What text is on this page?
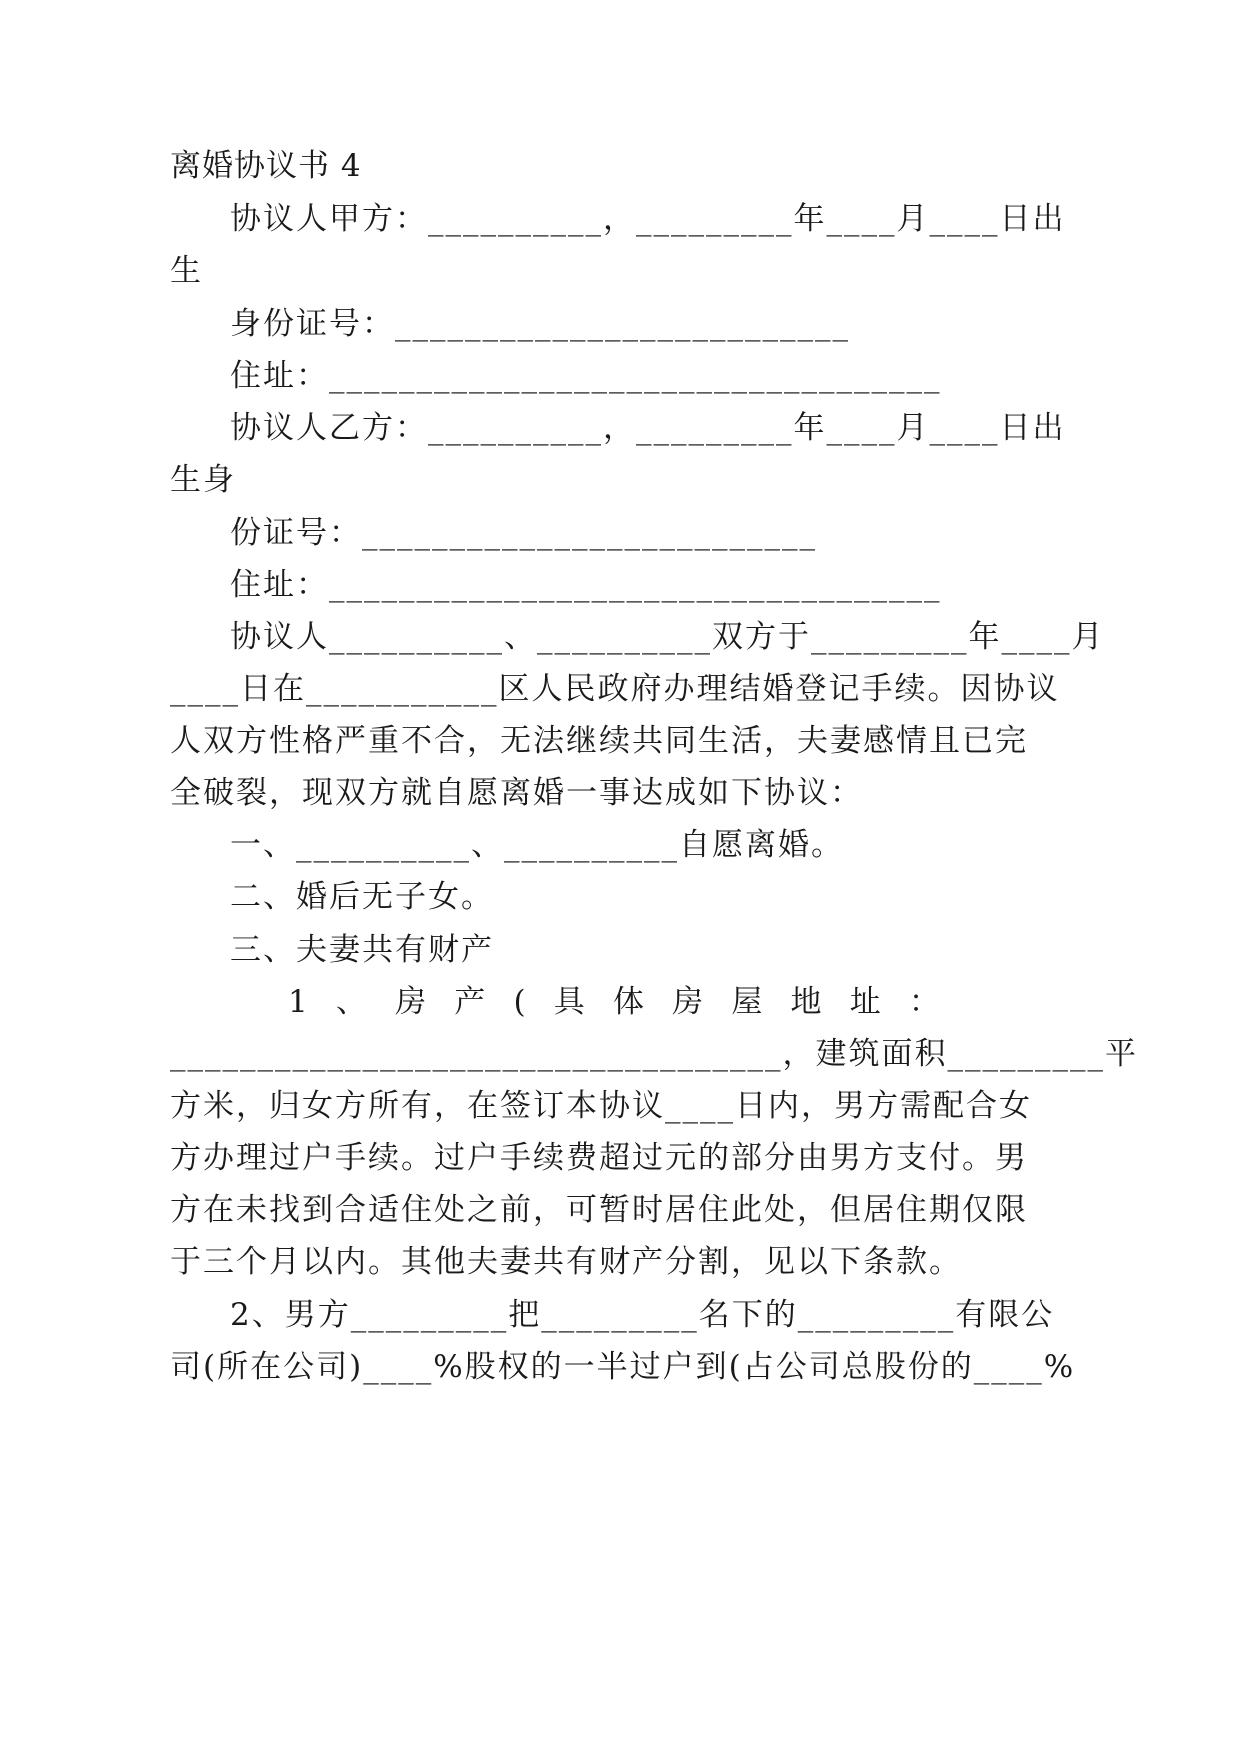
离婚协议书 4
协议人甲方：__________，_________年____月____日出
生
身份证号：__________________________
住址：___________________________________
协议人乙方：__________，_________年____月____日出
生身
份证号：__________________________
住址：___________________________________
协议人__________、__________双方于_________年____月
____日在___________区人民政府办理结婚登记手续。因协议
人双方性格严重不合，无法继续共同生活，夫妻感情且已完
全破裂，现双方就自愿离婚一事达成如下协议：
一、__________、__________自愿离婚。
二、婚后无子女。
三、夫妻共有财产
1 、 房 产 ( 具 体 房 屋 地 址 ：
___________________________________，建筑面积_________平
方米，归女方所有，在签订本协议____日内，男方需配合女
方办理过户手续。过户手续费超过元的部分由男方支付。男
方在未找到合适住处之前，可暂时居住此处，但居住期仅限
于三个月以内。其他夫妻共有财产分割，见以下条款。
2、男方_________把_________名下的_________有限公
司(所在公司)____%股权的一半过户到(占公司总股份的____%
